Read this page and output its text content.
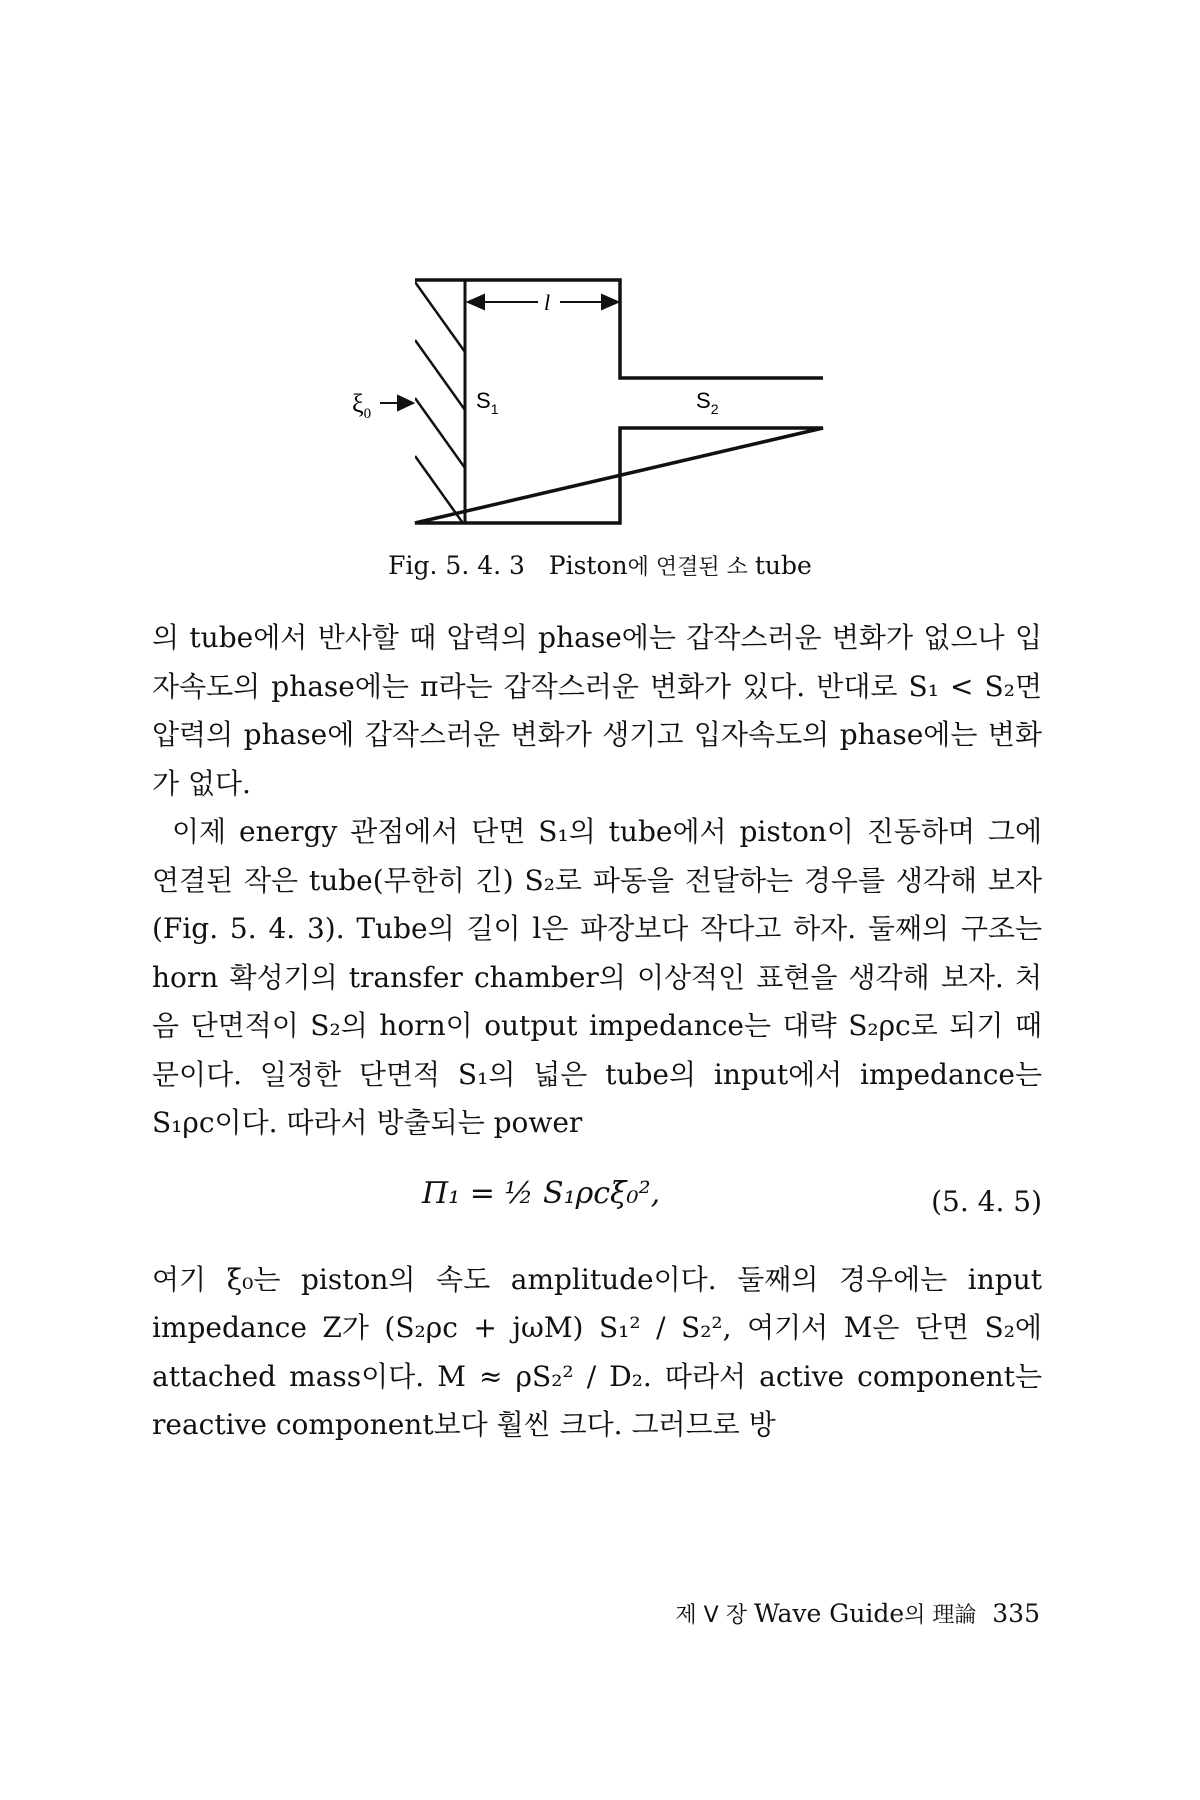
l
$\xi_0$
$S_1$	$S_2$
Fig. 5. 4. 3 Piston에 연결된 소 tube

의 tube에서 반사할 때 압력의 phase에는 갑작스러운 변화가 없으나 입자속도의 phase에는 π라는 갑작스러운 변화가 있다. 반대로 S₁ < S₂면 압력의 phase에 갑작스러운 변화가 생기고 입자속도의 phase에는 변화가 없다.

이제 energy 관점에서 단면 S₁의 tube에서 piston이 진동하며 그에 연결된 작은 tube(무한히 긴) S₂로 파동을 전달하는 경우를 생각해 보자(Fig. 5. 4. 3). Tube의 길이 l은 파장보다 작다고 하자. 둘째의 구조는 horn 확성기의 transfer chamber의 이상적인 표현을 생각해 보자. 처음 단면적이 S₂의 horn이 output impedance는 대략 S₂ρc로 되기 때문이다. 일정한 단면적 S₁의 넓은 tube의 input에서 impedance는 S₁ρc이다. 따라서 방출되는 power

Π₁ = ½ S₁ρcξ̇₀²,	(5. 4. 5)

여기 ξ̇₀는 piston의 속도 amplitude이다. 둘째의 경우에는 input impedance Z가 (S₂ρc + jωM) S₁² / S₂², 여기서 M은 단면 S₂에 attached mass이다. M ≈ ρS₂² / D₂. 따라서 active component는 reactive component보다 훨씬 크다. 그러므로 방

제 V 장 Wave Guide의 理論 335
